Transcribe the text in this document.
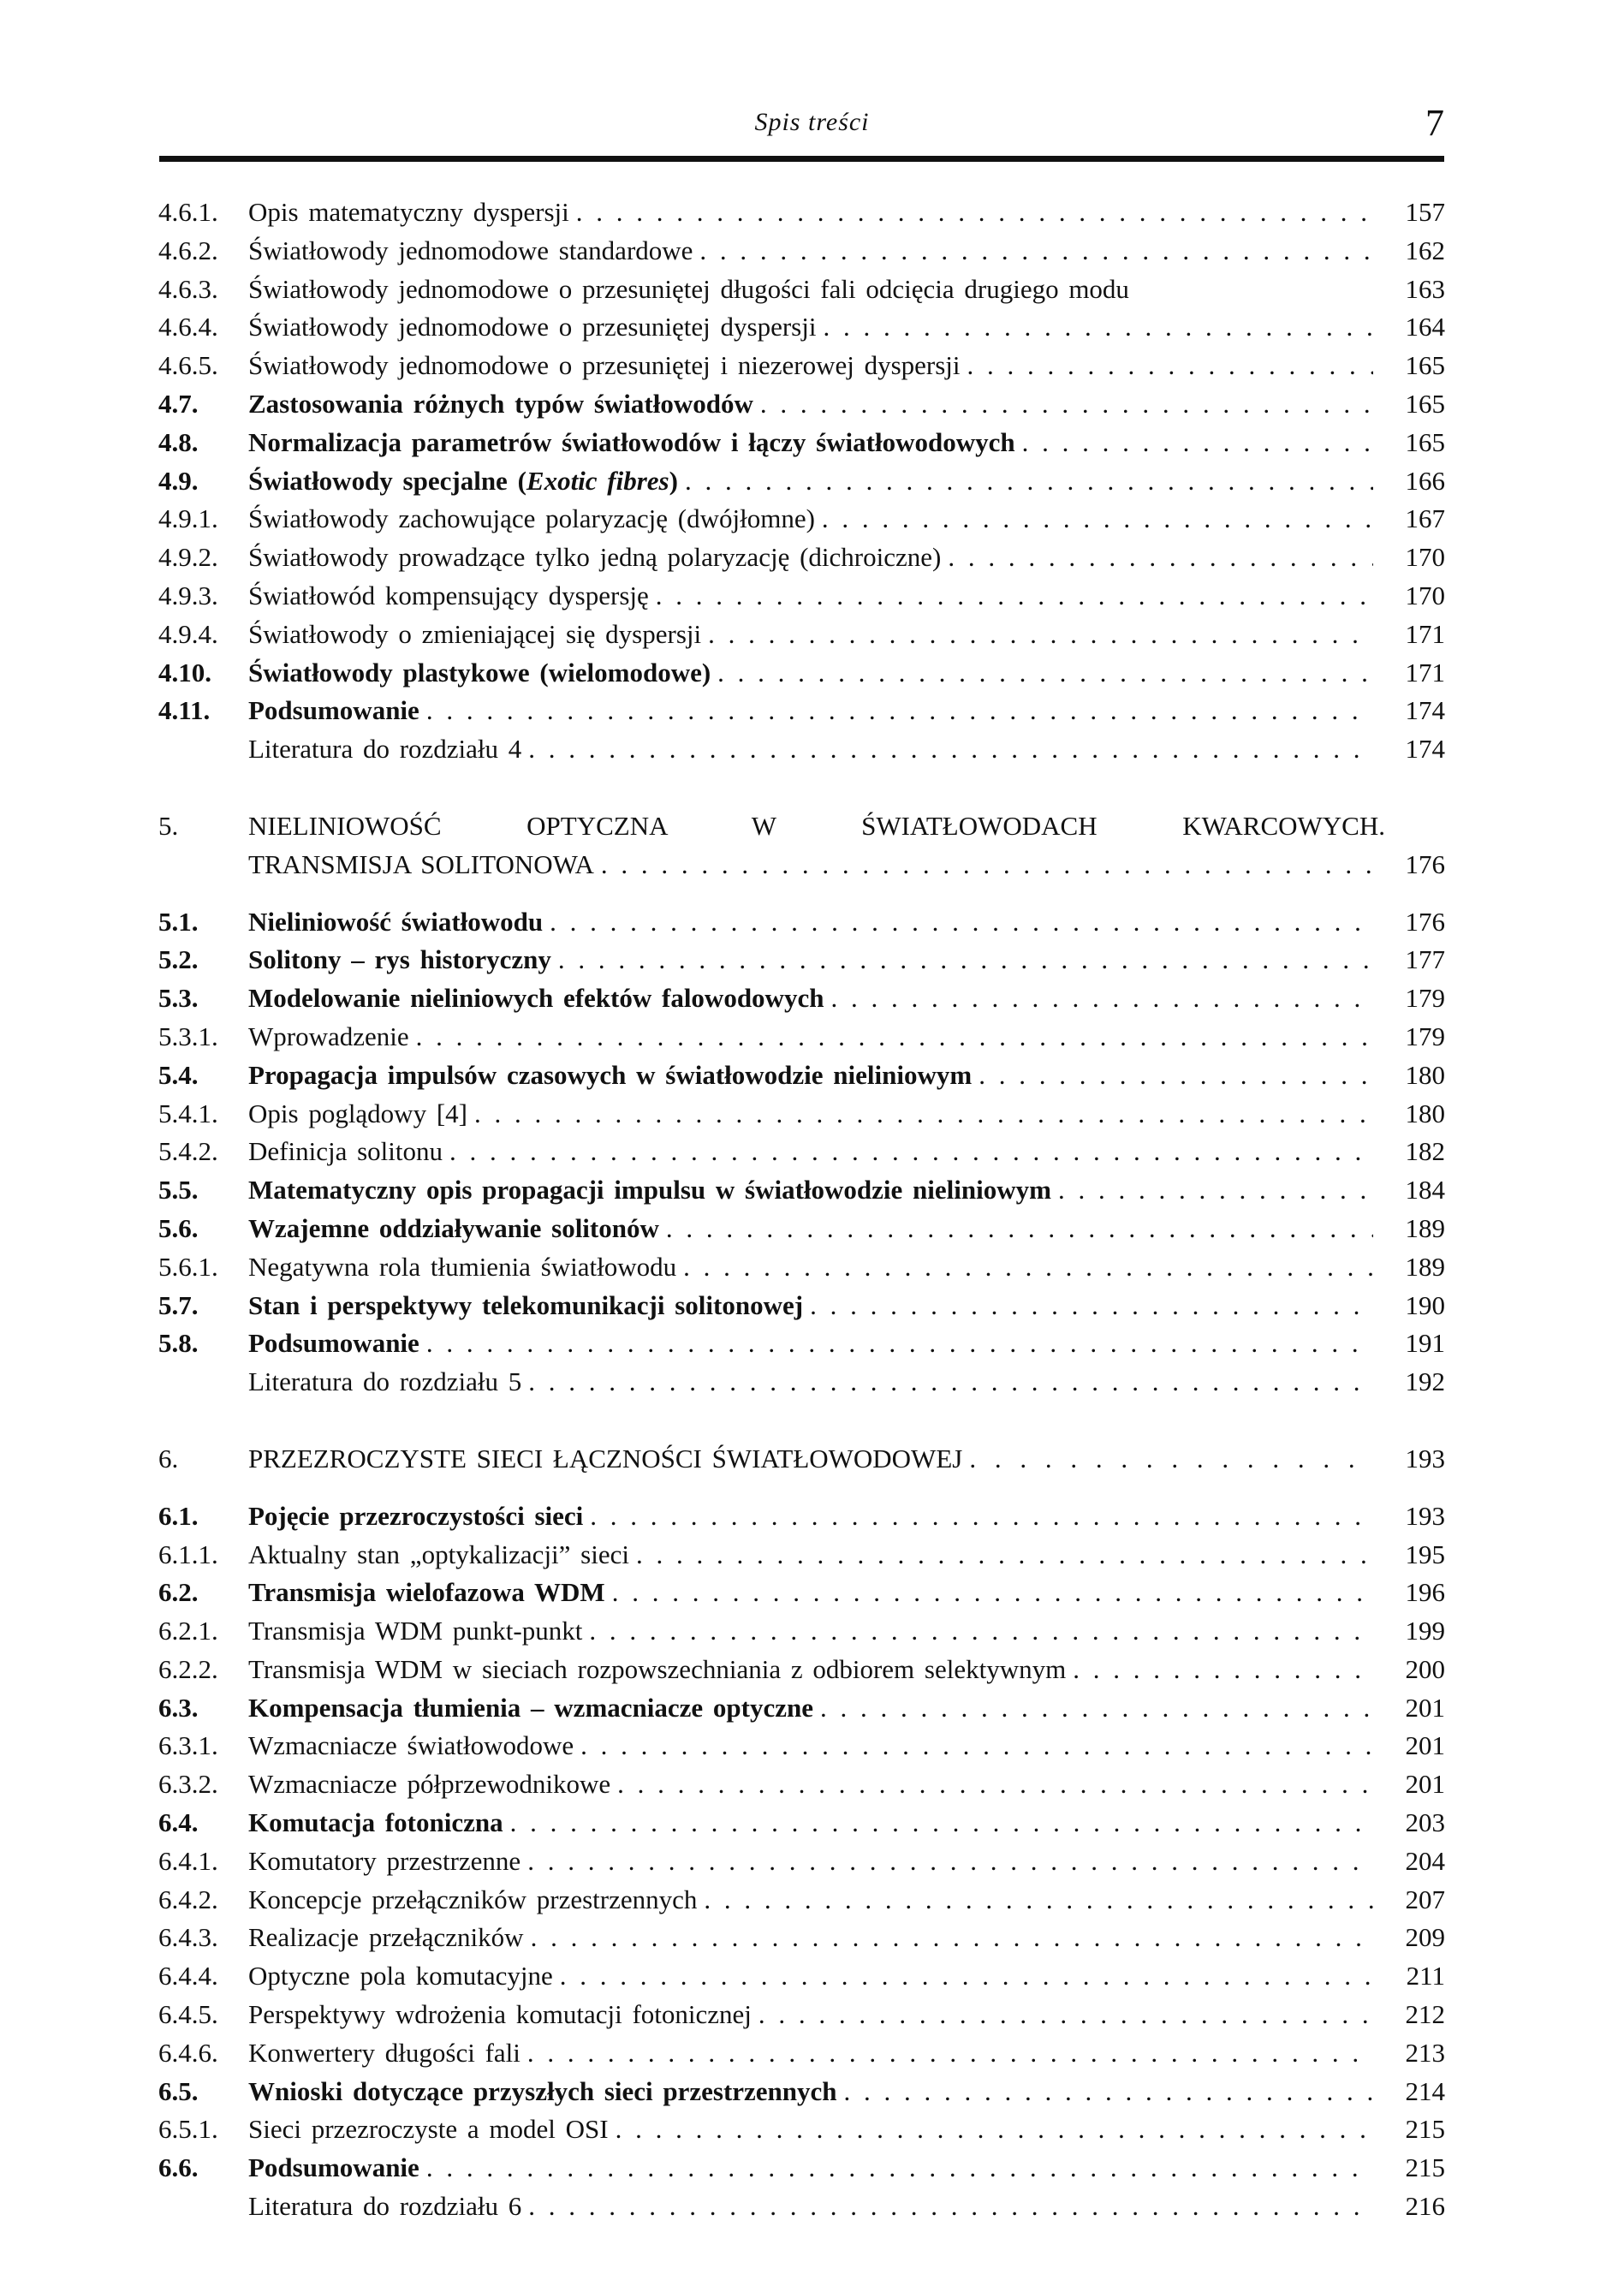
Spis treści	7
4.6.1.	Opis matematyczny dyspersji . . .	157
4.6.2.	Światłowody jednomodowe standardowe . . .	162
4.6.3.	Światłowody jednomodowe o przesuniętej długości fali odcięcia drugiego modu	163
4.6.4.	Światłowody jednomodowe o przesuniętej dyspersji . . .	164
4.6.5.	Światłowody jednomodowe o przesuniętej i niezerowej dyspersji . . .	165
4.7.	Zastosowania różnych typów światłowodów . . .	165
4.8.	Normalizacja parametrów światłowodów i łączy światłowodowych . . .	165
4.9.	Światłowody specjalne (Exotic fibres) . . .	166
4.9.1.	Światłowody zachowujące polaryzację (dwójłomne) . . .	167
4.9.2.	Światłowody prowadzące tylko jedną polaryzację (dichroiczne) . . .	170
4.9.3.	Światłowód kompensujący dyspersję . . .	170
4.9.4.	Światłowody o zmieniającej się dyspersji . . .	171
4.10.	Światłowody plastykowe (wielomodowe) . . .	171
4.11.	Podsumowanie . . .	174
Literatura do rozdziału 4 . . .	174
5.	NIELINIOWOŚĆ OPTYCZNA W ŚWIATŁOWODACH KWARCOWYCH.
TRANSMISJA SOLITONOWA . . .	176
5.1.	Nieliniowość światłowodu . . .	176
5.2.	Solitony – rys historyczny . . .	177
5.3.	Modelowanie nieliniowych efektów falowodowych . . .	179
5.3.1.	Wprowadzenie . . .	179
5.4.	Propagacja impulsów czasowych w światłowodzie nieliniowym . . .	180
5.4.1.	Opis poglądowy [4] . . .	180
5.4.2.	Definicja solitonu . . .	182
5.5.	Matematyczny opis propagacji impulsu w światłowodzie nieliniowym . . .	184
5.6.	Wzajemne oddziaływanie solitonów . . .	189
5.6.1.	Negatywna rola tłumienia światłowodu . . .	189
5.7.	Stan i perspektywy telekomunikacji solitonowej . . .	190
5.8.	Podsumowanie . . .	191
Literatura do rozdziału 5 . . .	192
6.	PRZEZROCZYSTE SIECI ŁĄCZNOŚCI ŚWIATŁOWODOWEJ . . .	193
6.1.	Pojęcie przezroczystości sieci . . .	193
6.1.1.	Aktualny stan „optykalizacji” sieci . . .	195
6.2.	Transmisja wielofazowa WDM . . .	196
6.2.1.	Transmisja WDM punkt-punkt . . .	199
6.2.2.	Transmisja WDM w sieciach rozpowszechniania z odbiorem selektywnym . . .	200
6.3.	Kompensacja tłumienia – wzmacniacze optyczne . . .	201
6.3.1.	Wzmacniacze światłowodowe . . .	201
6.3.2.	Wzmacniacze półprzewodnikowe . . .	201
6.4.	Komutacja fotoniczna . . .	203
6.4.1.	Komutatory przestrzenne . . .	204
6.4.2.	Koncepcje przełączników przestrzennych . . .	207
6.4.3.	Realizacje przełączników . . .	209
6.4.4.	Optyczne pola komutacyjne . . .	211
6.4.5.	Perspektywy wdrożenia komutacji fotonicznej . . .	212
6.4.6.	Konwertery długości fali . . .	213
6.5.	Wnioski dotyczące przyszłych sieci przestrzennych . . .	214
6.5.1.	Sieci przezroczyste a model OSI . . .	215
6.6.	Podsumowanie . . .	215
Literatura do rozdziału 6 . . .	216
